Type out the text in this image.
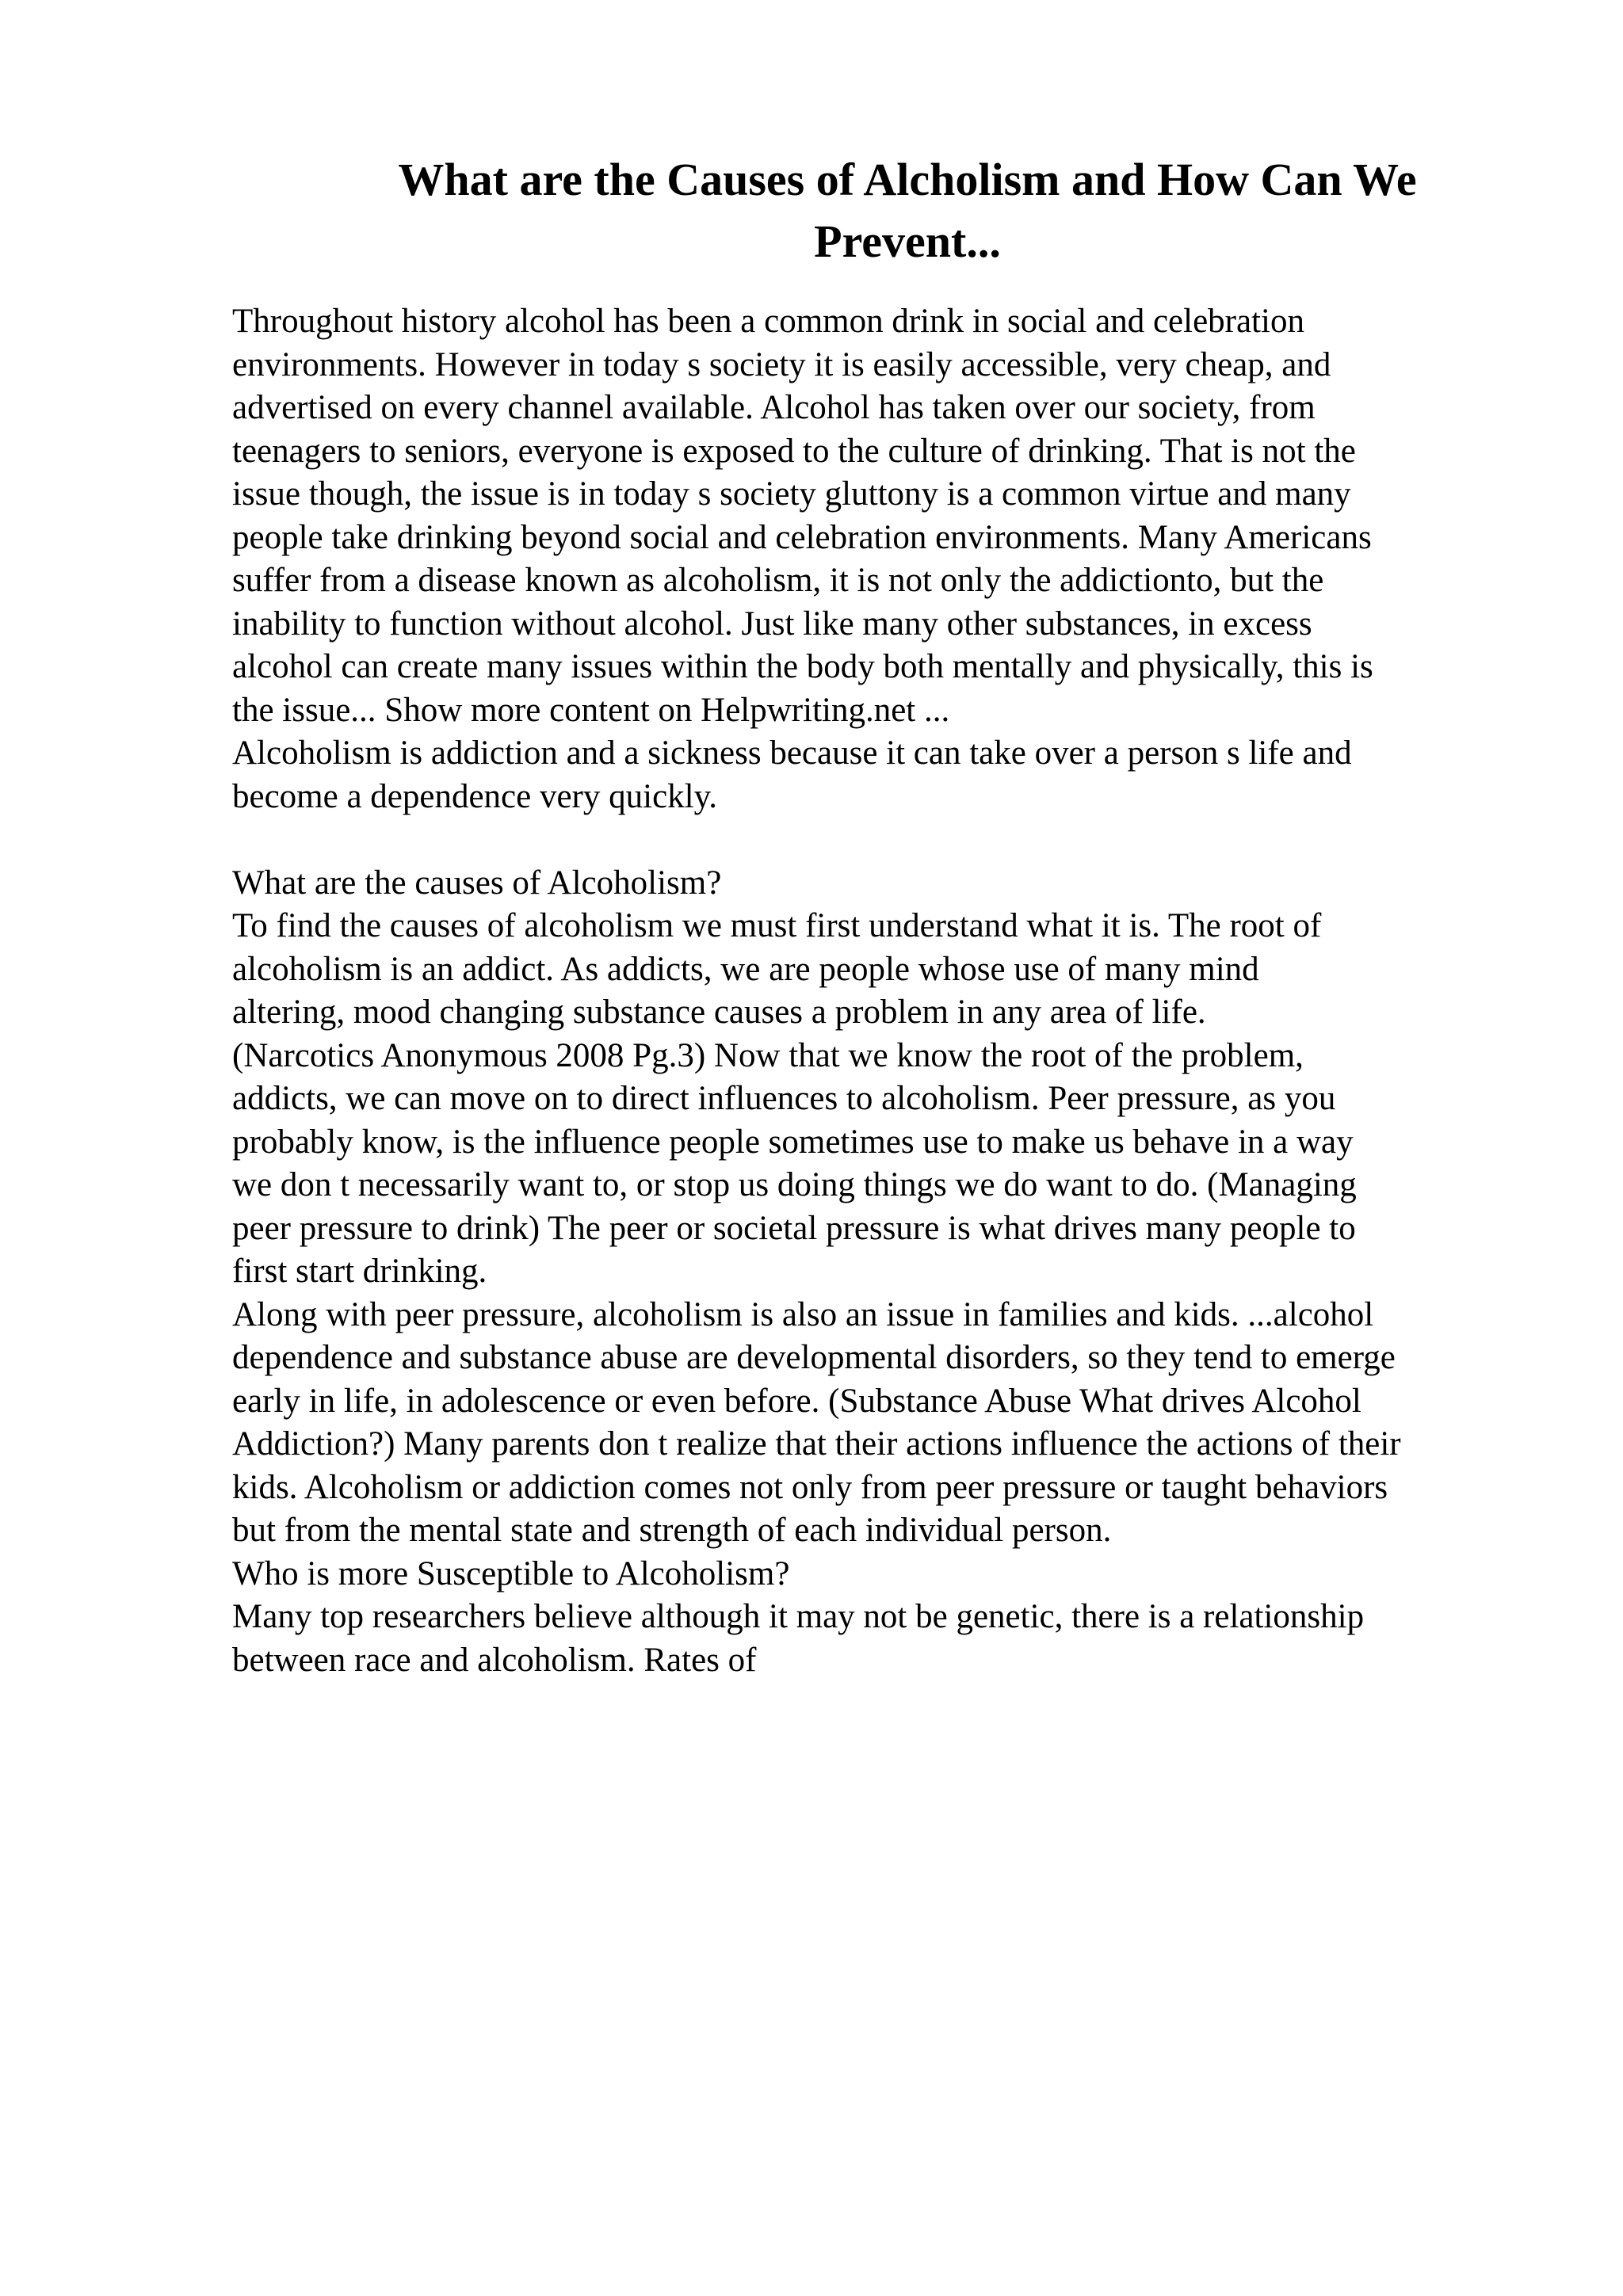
What are the Causes of Alcholism and How Can We
Prevent...
Throughout history alcohol has been a common drink in social and celebration
environments. However in today s society it is easily accessible, very cheap, and
advertised on every channel available. Alcohol has taken over our society, from
teenagers to seniors, everyone is exposed to the culture of drinking. That is not the
issue though, the issue is in today s society gluttony is a common virtue and many
people take drinking beyond social and celebration environments. Many Americans
suffer from a disease known as alcoholism, it is not only the addictionto, but the
inability to function without alcohol. Just like many other substances, in excess
alcohol can create many issues within the body both mentally and physically, this is
the issue... Show more content on Helpwriting.net ...
Alcoholism is addiction and a sickness because it can take over a person s life and
become a dependence very quickly.
What are the causes of Alcoholism?
To find the causes of alcoholism we must first understand what it is. The root of
alcoholism is an addict. As addicts, we are people whose use of many mind
altering, mood changing substance causes a problem in any area of life.
(Narcotics Anonymous 2008 Pg.3) Now that we know the root of the problem,
addicts, we can move on to direct influences to alcoholism. Peer pressure, as you
probably know, is the influence people sometimes use to make us behave in a way
we don t necessarily want to, or stop us doing things we do want to do. (Managing
peer pressure to drink) The peer or societal pressure is what drives many people to
first start drinking.
Along with peer pressure, alcoholism is also an issue in families and kids. ...alcohol
dependence and substance abuse are developmental disorders, so they tend to emerge
early in life, in adolescence or even before. (Substance Abuse What drives Alcohol
Addiction?) Many parents don t realize that their actions influence the actions of their
kids. Alcoholism or addiction comes not only from peer pressure or taught behaviors
but from the mental state and strength of each individual person.
Who is more Susceptible to Alcoholism?
Many top researchers believe although it may not be genetic, there is a relationship
between race and alcoholism. Rates of
